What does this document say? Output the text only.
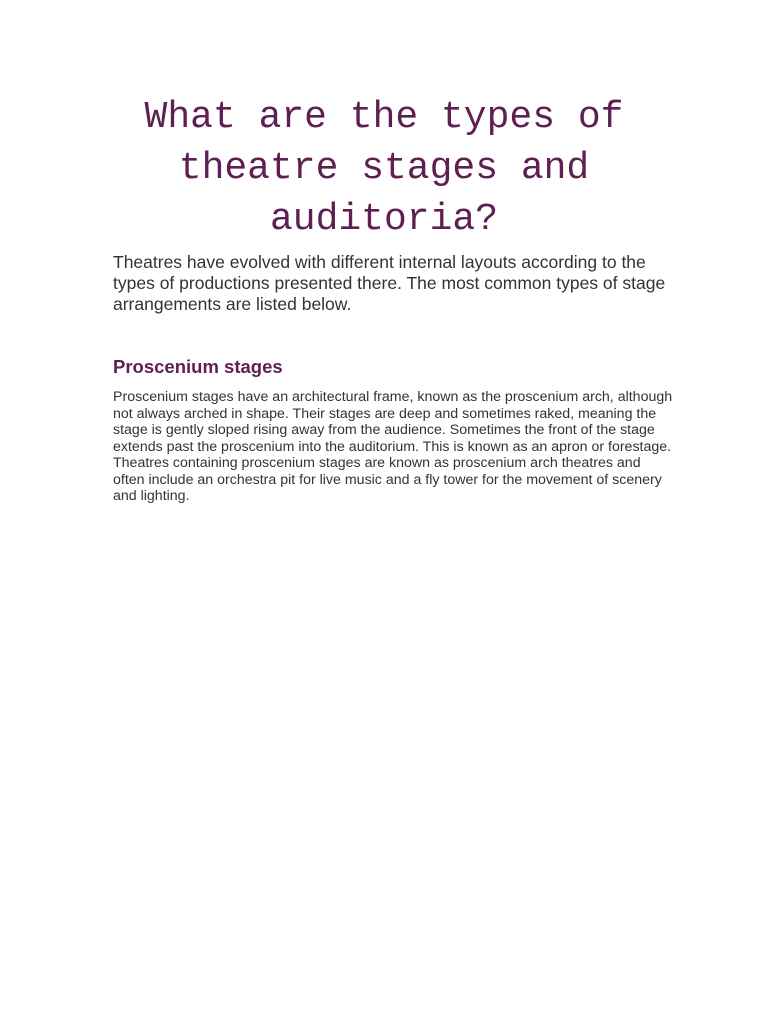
What are the types of theatre stages and auditoria?

Theatres have evolved with different internal layouts according to the types of productions presented there. The most common types of stage arrangements are listed below.

Proscenium stages

Proscenium stages have an architectural frame, known as the proscenium arch, although not always arched in shape. Their stages are deep and sometimes raked, meaning the stage is gently sloped rising away from the audience. Sometimes the front of the stage extends past the proscenium into the auditorium. This is known as an apron or forestage. Theatres containing proscenium stages are known as proscenium arch theatres and often include an orchestra pit for live music and a fly tower for the movement of scenery and lighting.
